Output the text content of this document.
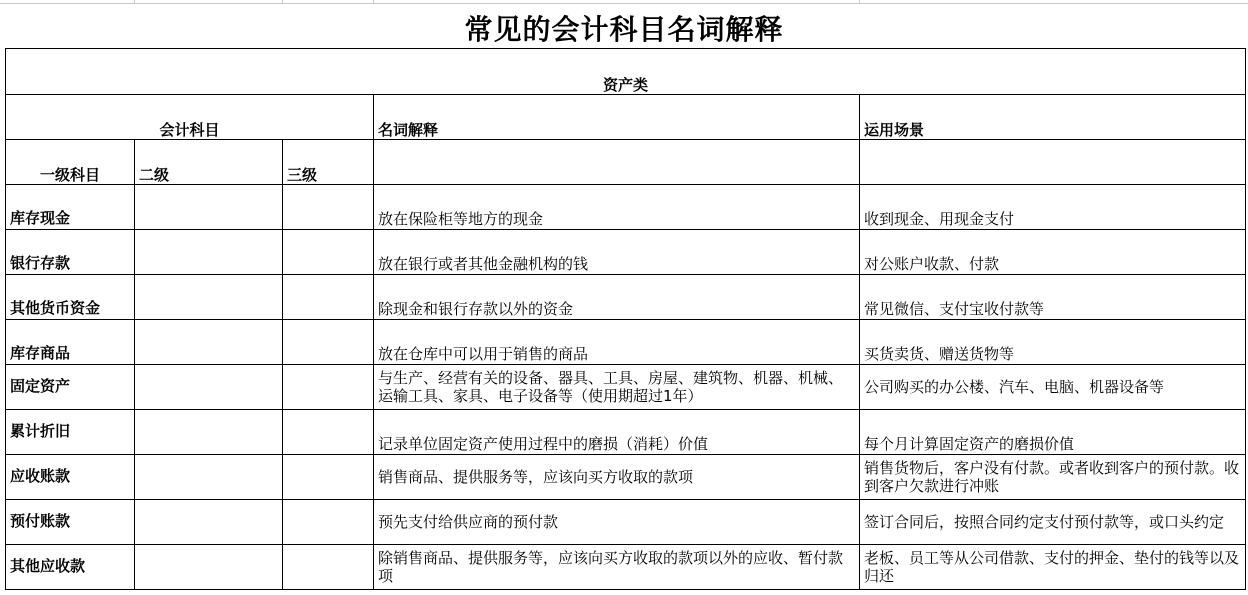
常见的会计科目名词解释
资产类				
会计科目			名词解释	运用场景
一级科目	二级	三级		
库存现金			放在保险柜等地方的现金	收到现金、用现金支付
银行存款			放在银行或者其他金融机构的钱	对公账户收款、付款
其他货币资金			除现金和银行存款以外的资金	常见微信、支付宝收付款等
库存商品			放在仓库中可以用于销售的商品	买货卖货、赠送货物等
固定资产			与生产、经营有关的设备、器具、工具、房屋、建筑物、机器、机械、运输工具、家具、电子设备等（使用期超过1年）	公司购买的办公楼、汽车、电脑、机器设备等
累计折旧			记录单位固定资产使用过程中的磨损（消耗）价值	每个月计算固定资产的磨损价值
应收账款			销售商品、提供服务等，应该向买方收取的款项	销售货物后，客户没有付款。或者收到客户的预付款。收到客户欠款进行冲账
预付账款			预先支付给供应商的预付款	签订合同后，按照合同约定支付预付款等，或口头约定
其他应收款			除销售商品、提供服务等，应该向买方收取的款项以外的应收、暂付款项	老板、员工等从公司借款、支付的押金、垫付的钱等以及归还
